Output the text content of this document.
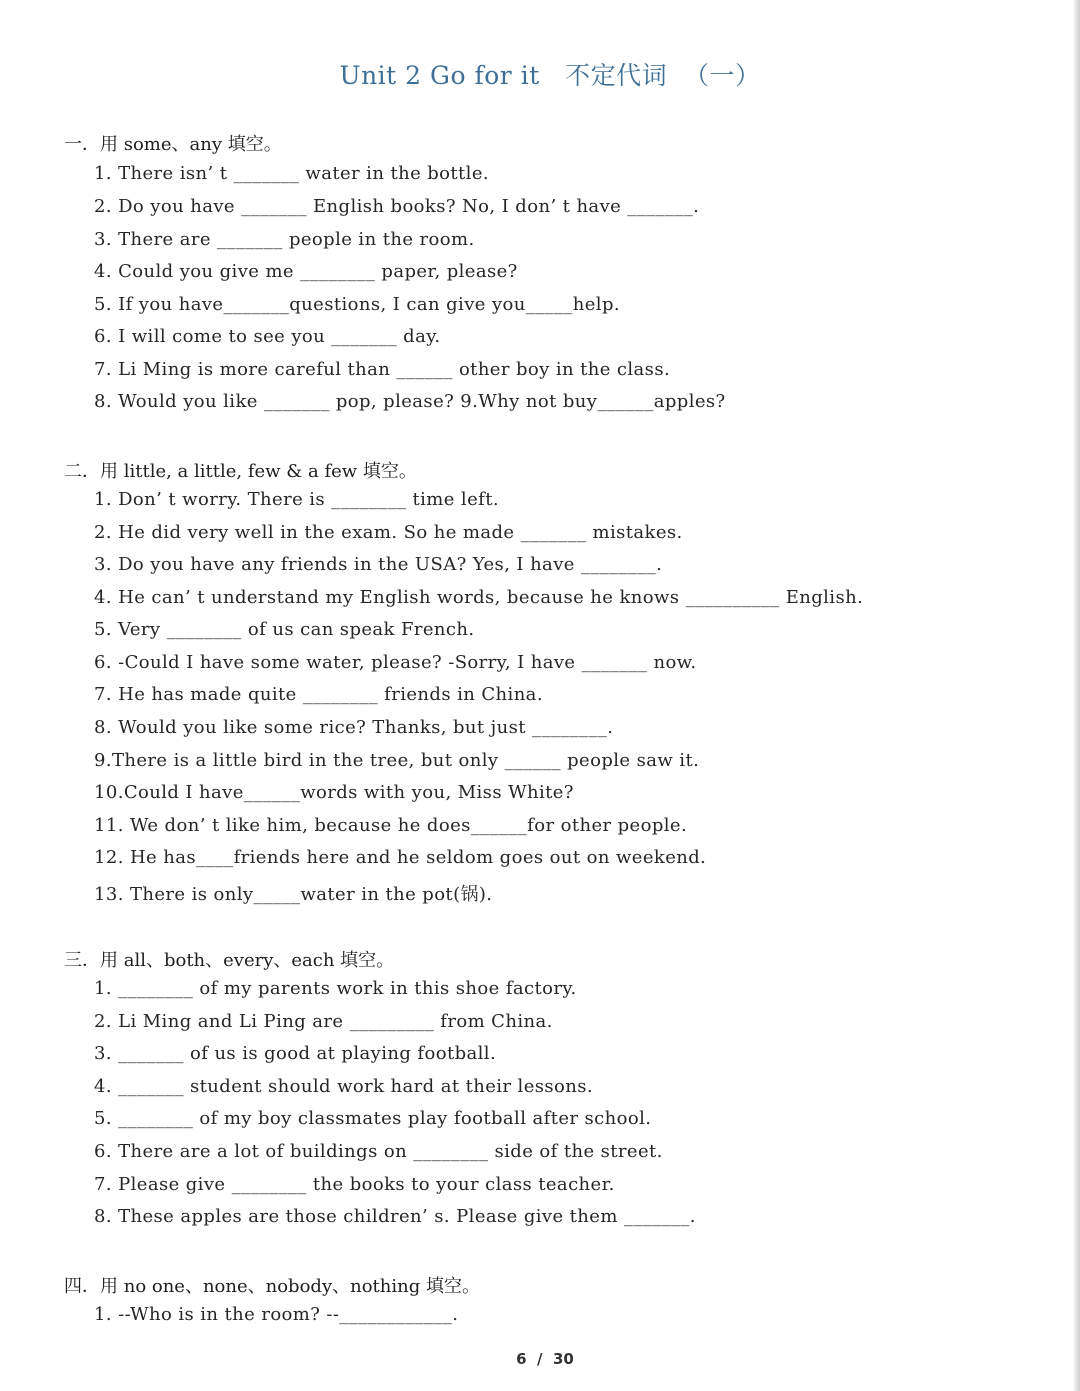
Unit 2 Go for it   不定代词  （一）
一．用 some、any 填空。
1. There isn’ t _______ water in the bottle.
2. Do you have _______ English books? No, I don’ t have _______.
3. There are _______ people in the room.
4. Could you give me ________ paper, please?
5. If you have_______questions, I can give you_____help.
6. I will come to see you _______ day.
7. Li Ming is more careful than ______ other boy in the class.
8. Would you like _______ pop, please? 9.Why not buy______apples?
二．用 little, a little, few & a few 填空。
1. Don’ t worry. There is ________ time left.
2. He did very well in the exam. So he made _______ mistakes.
3. Do you have any friends in the USA? Yes, I have ________.
4. He can’ t understand my English words, because he knows __________ English.
5. Very ________ of us can speak French.
6. -Could I have some water, please? -Sorry, I have _______ now.
7. He has made quite ________ friends in China.
8. Would you like some rice? Thanks, but just ________.
9.There is a little bird in the tree, but only ______ people saw it.
10.Could I have______words with you, Miss White?
11. We don’ t like him, because he does______for other people.
12. He has____friends here and he seldom goes out on weekend.
13. There is only_____water in the pot(锅).
三．用 all、both、every、each 填空。
1. ________ of my parents work in this shoe factory.
2. Li Ming and Li Ping are _________ from China.
3. _______ of us is good at playing football.
4. _______ student should work hard at their lessons.
5. ________ of my boy classmates play football after school.
6. There are a lot of buildings on ________ side of the street.
7. Please give ________ the books to your class teacher.
8. These apples are those children’ s. Please give them _______.
四．用 no one、none、nobody、nothing 填空。
1. --Who is in the room? --____________.
6  /  30
